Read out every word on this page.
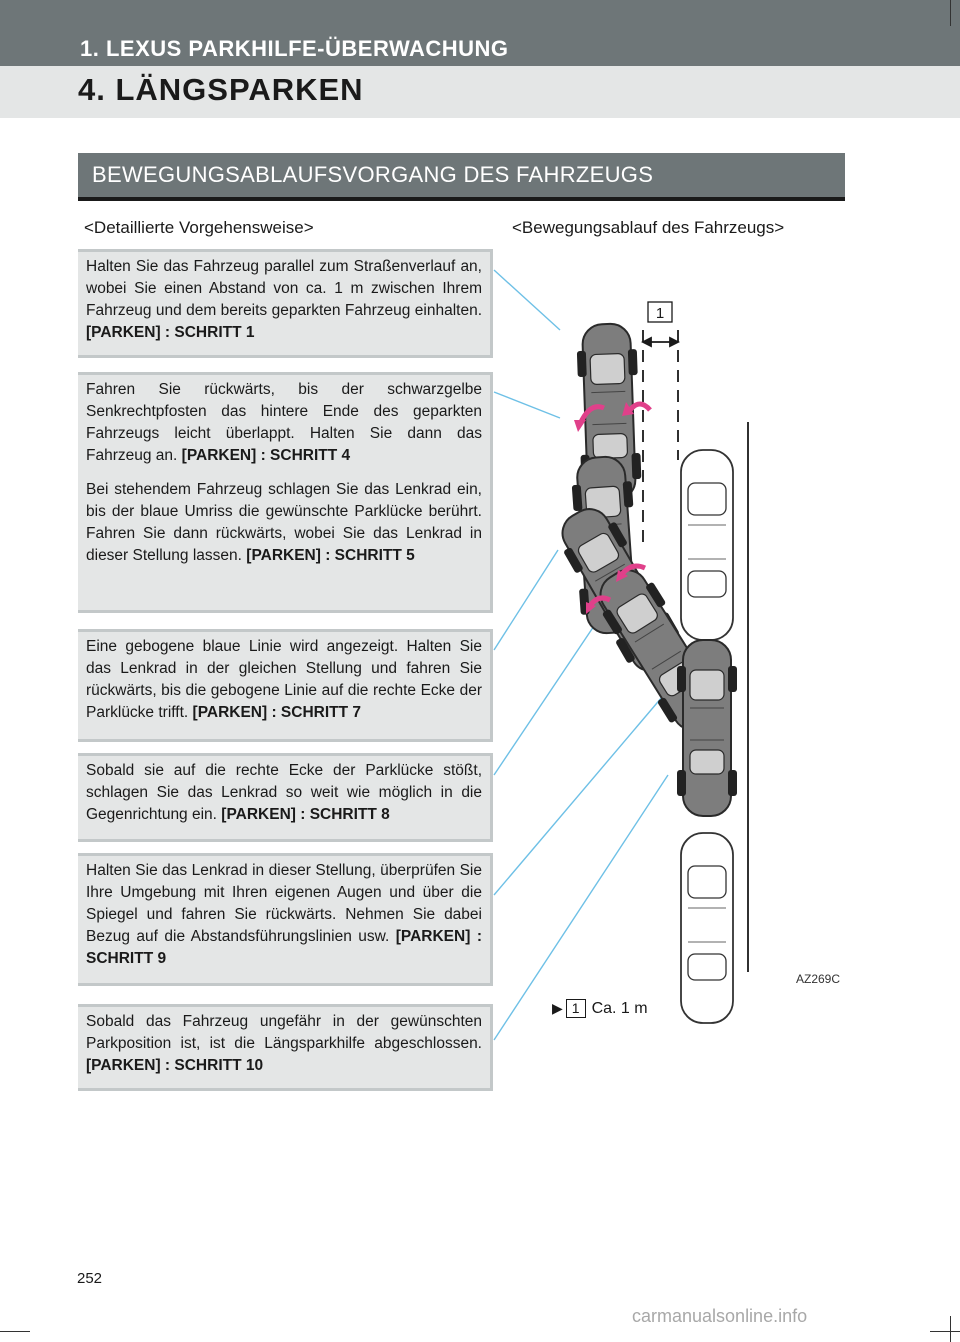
1. LEXUS PARKHILFE-ÜBERWACHUNG
4. LÄNGSPARKEN
BEWEGUNGSABLAUFSVORGANG DES FAHRZEUGS
<Detaillierte Vorgehensweise>	<Bewegungsablauf des Fahrzeugs>

Halten Sie das Fahrzeug parallel zum Straßenverlauf an, wobei Sie einen Abstand von ca. 1 m zwischen Ihrem Fahrzeug und dem bereits geparkten Fahrzeug einhalten. [PARKEN] : SCHRITT 1

Fahren Sie rückwärts, bis der schwarzgelbe Senkrechtpfosten das hintere Ende des geparkten Fahrzeugs leicht überlappt. Halten Sie dann das Fahrzeug an. [PARKEN] : SCHRITT 4

Bei stehendem Fahrzeug schlagen Sie das Lenkrad ein, bis der blaue Umriss die gewünschte Parklücke berührt. Fahren Sie dann rückwärts, wobei Sie das Lenkrad in dieser Stellung lassen. [PARKEN] : SCHRITT 5

Eine gebogene blaue Linie wird angezeigt. Halten Sie das Lenkrad in der gleichen Stellung und fahren Sie rückwärts, bis die gebogene Linie auf die rechte Ecke der Parklücke trifft. [PARKEN] : SCHRITT 7

Sobald sie auf die rechte Ecke der Parklücke stößt, schlagen Sie das Lenkrad so weit wie möglich in die Gegenrichtung ein. [PARKEN] : SCHRITT 8

Halten Sie das Lenkrad in dieser Stellung, überprüfen Sie Ihre Umgebung mit Ihren eigenen Augen und über die Spiegel und fahren Sie rückwärts. Nehmen Sie dabei Bezug auf die Abstandsführungslinien usw. [PARKEN] : SCHRITT 9

Sobald das Fahrzeug ungefähr in der gewünschten Parkposition ist, ist die Längsparkhilfe abgeschlossen. [PARKEN] : SCHRITT 10

1
AZ269C
▶ 1 Ca. 1 m
252
carmanualsonline.info
